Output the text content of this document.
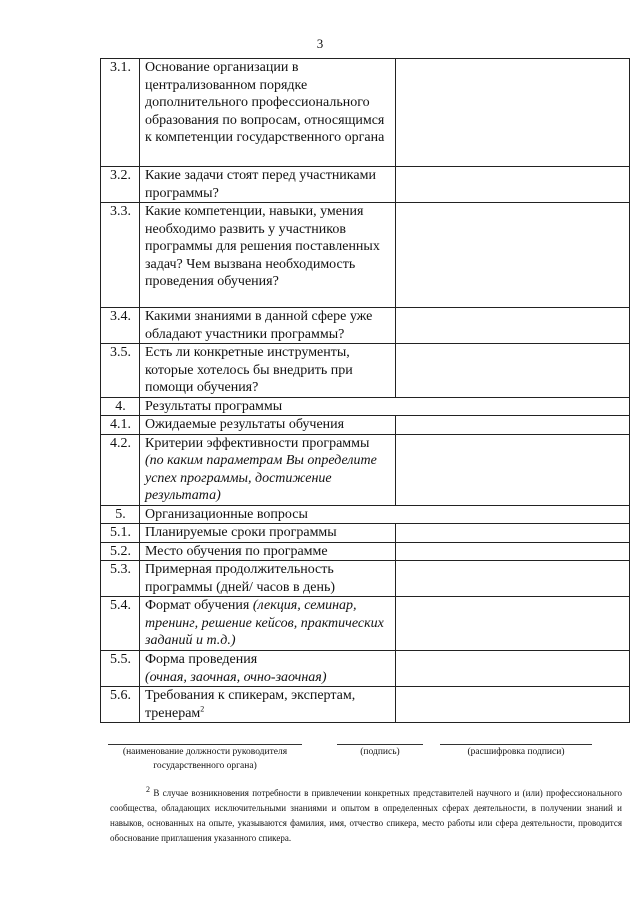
3
3.1.	Основание организации в централизованном порядке дополнительного профессионального образования по вопросам, относящимся к компетенции государственного органа	
3.2.	Какие задачи стоят перед участниками программы?	
3.3.	Какие компетенции, навыки, умения необходимо развить у участников программы для решения поставленных задач? Чем вызвана необходимость проведения обучения?	
3.4.	Какими знаниями в данной сфере уже обладают участники программы?	
3.5.	Есть ли конкретные инструменты, которые хотелось бы внедрить при помощи обучения?	
4.	Результаты программы	
4.1.	Ожидаемые результаты обучения	
4.2.	Критерии эффективности программы
(по каким параметрам Вы определите успех программы, достижение результата)	
5.	Организационные вопросы	
5.1.	Планируемые сроки программы	
5.2.	Место обучения по программе	
5.3.	Примерная продолжительность программы (дней/ часов в день)	
5.4.	Формат обучения (лекция, семинар, тренинг, решение кейсов, практических заданий и т.д.)	
5.5.	Форма проведения
(очная, заочная, очно-заочная)	
5.6.	Требования к спикерам, экспертам, тренерам$^2$	
(наименование должности руководителя государственного органа)
(подпись)	(расшифровка подписи)
$^2$ В случае возникновения потребности в привлечении конкретных представителей научного и (или) профессионального сообщества, обладающих исключительными знаниями и опытом в определенных сферах деятельности, в получении знаний и навыков, основанных на опыте, указываются фамилия, имя, отчество спикера, место работы или сфера деятельности, проводится обоснование приглашения указанного спикера.
